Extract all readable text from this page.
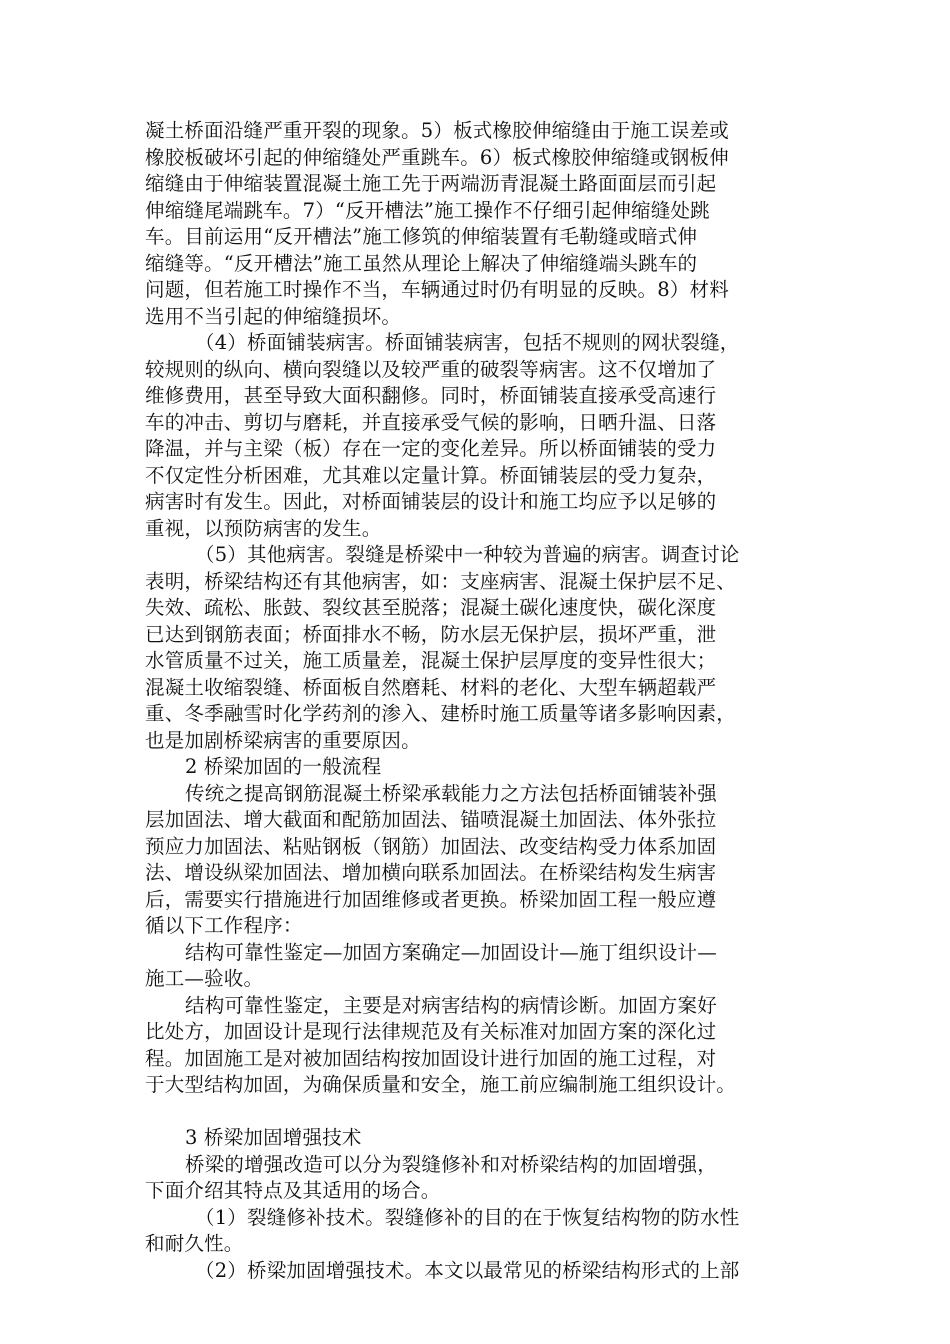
凝土桥面沿缝严重开裂的现象。5）板式橡胶伸缩缝由于施工误差或
橡胶板破坏引起的伸缩缝处严重跳车。6）板式橡胶伸缩缝或钢板伸
缩缝由于伸缩装置混凝土施工先于两端沥青混凝土路面面层而引起
伸缩缝尾端跳车。7）“反开槽法”施工操作不仔细引起伸缩缝处跳
车。目前运用“反开槽法”施工修筑的伸缩装置有毛勒缝或暗式伸
缩缝等。“反开槽法”施工虽然从理论上解决了伸缩缝端头跳车的
问题，但若施工时操作不当，车辆通过时仍有明显的反映。8）材料
选用不当引起的伸缩缝损坏。
（4）桥面铺装病害。桥面铺装病害，包括不规则的网状裂缝，
较规则的纵向、横向裂缝以及较严重的破裂等病害。这不仅增加了
维修费用，甚至导致大面积翻修。同时，桥面铺装直接承受高速行
车的冲击、剪切与磨耗，并直接承受气候的影响，日晒升温、日落
降温，并与主梁（板）存在一定的变化差异。所以桥面铺装的受力
不仅定性分析困难，尤其难以定量计算。桥面铺装层的受力复杂，
病害时有发生。因此，对桥面铺装层的设计和施工均应予以足够的
重视，以预防病害的发生。
（5）其他病害。裂缝是桥梁中一种较为普遍的病害。调查讨论
表明，桥梁结构还有其他病害，如：支座病害、混凝土保护层不足、
失效、疏松、胀鼓、裂纹甚至脱落；混凝土碳化速度快，碳化深度
已达到钢筋表面；桥面排水不畅，防水层无保护层，损坏严重，泄
水管质量不过关，施工质量差，混凝土保护层厚度的变异性很大；
混凝土收缩裂缝、桥面板自然磨耗、材料的老化、大型车辆超载严
重、冬季融雪时化学药剂的渗入、建桥时施工质量等诸多影响因素，
也是加剧桥梁病害的重要原因。
2 桥梁加固的一般流程
传统之提高钢筋混凝土桥梁承载能力之方法包括桥面铺装补强
层加固法、增大截面和配筋加固法、锚喷混凝土加固法、体外张拉
预应力加固法、粘贴钢板（钢筋）加固法、改变结构受力体系加固
法、增设纵梁加固法、增加横向联系加固法。在桥梁结构发生病害
后，需要实行措施进行加固维修或者更换。桥梁加固工程一般应遵
循以下工作程序：
结构可靠性鉴定—加固方案确定—加固设计—施丁组织设计—
施工—验收。
结构可靠性鉴定，主要是对病害结构的病情诊断。加固方案好
比处方，加固设计是现行法律规范及有关标准对加固方案的深化过
程。加固施工是对被加固结构按加固设计进行加固的施工过程，对
于大型结构加固，为确保质量和安全，施工前应编制施工组织设计。
3 桥梁加固增强技术
桥梁的增强改造可以分为裂缝修补和对桥梁结构的加固增强，
下面介绍其特点及其适用的场合。
（1）裂缝修补技术。裂缝修补的目的在于恢复结构物的防水性
和耐久性。
（2）桥梁加固增强技术。本文以最常见的桥梁结构形式的上部
